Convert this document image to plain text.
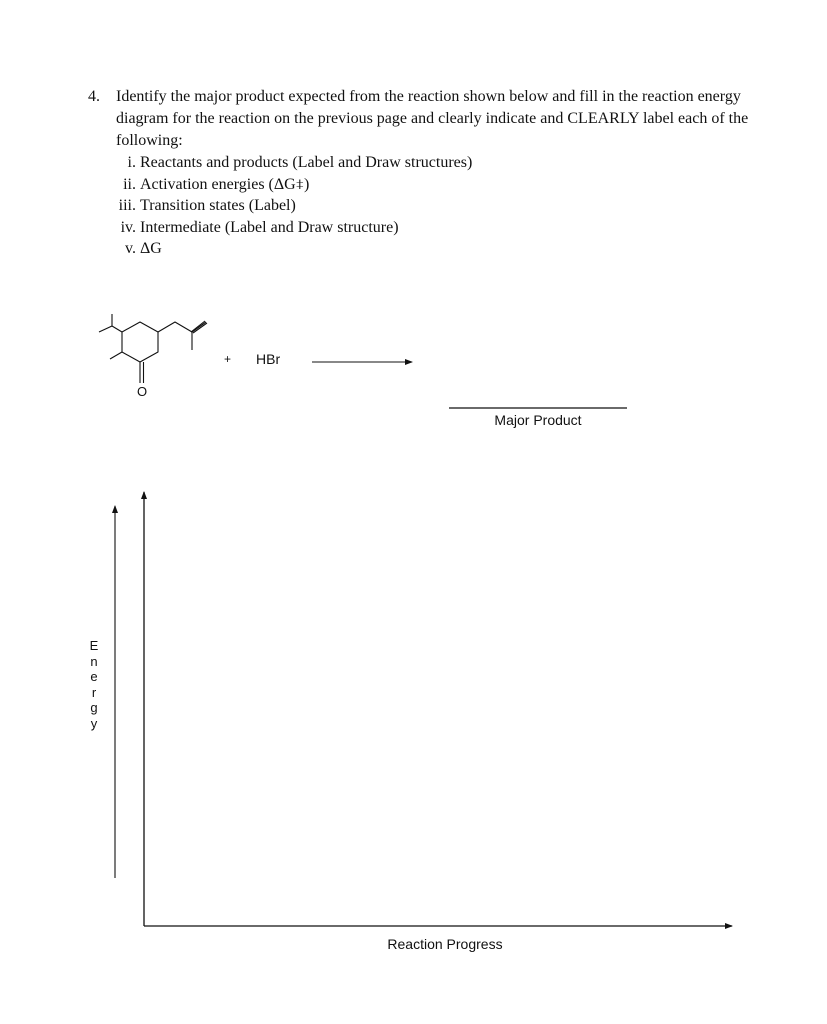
4. Identify the major product expected from the reaction shown below and fill in the reaction energy diagram for the reaction on the previous page and clearly indicate and CLEARLY label each of the following:
i. Reactants and products (Label and Draw structures)
ii. Activation energies (ΔG⧧)
iii. Transition states (Label)
iv. Intermediate (Label and Draw structure)
v. ΔG
+ HBr
O
Major Product
E
n
e
r
g
y
Reaction Progress
